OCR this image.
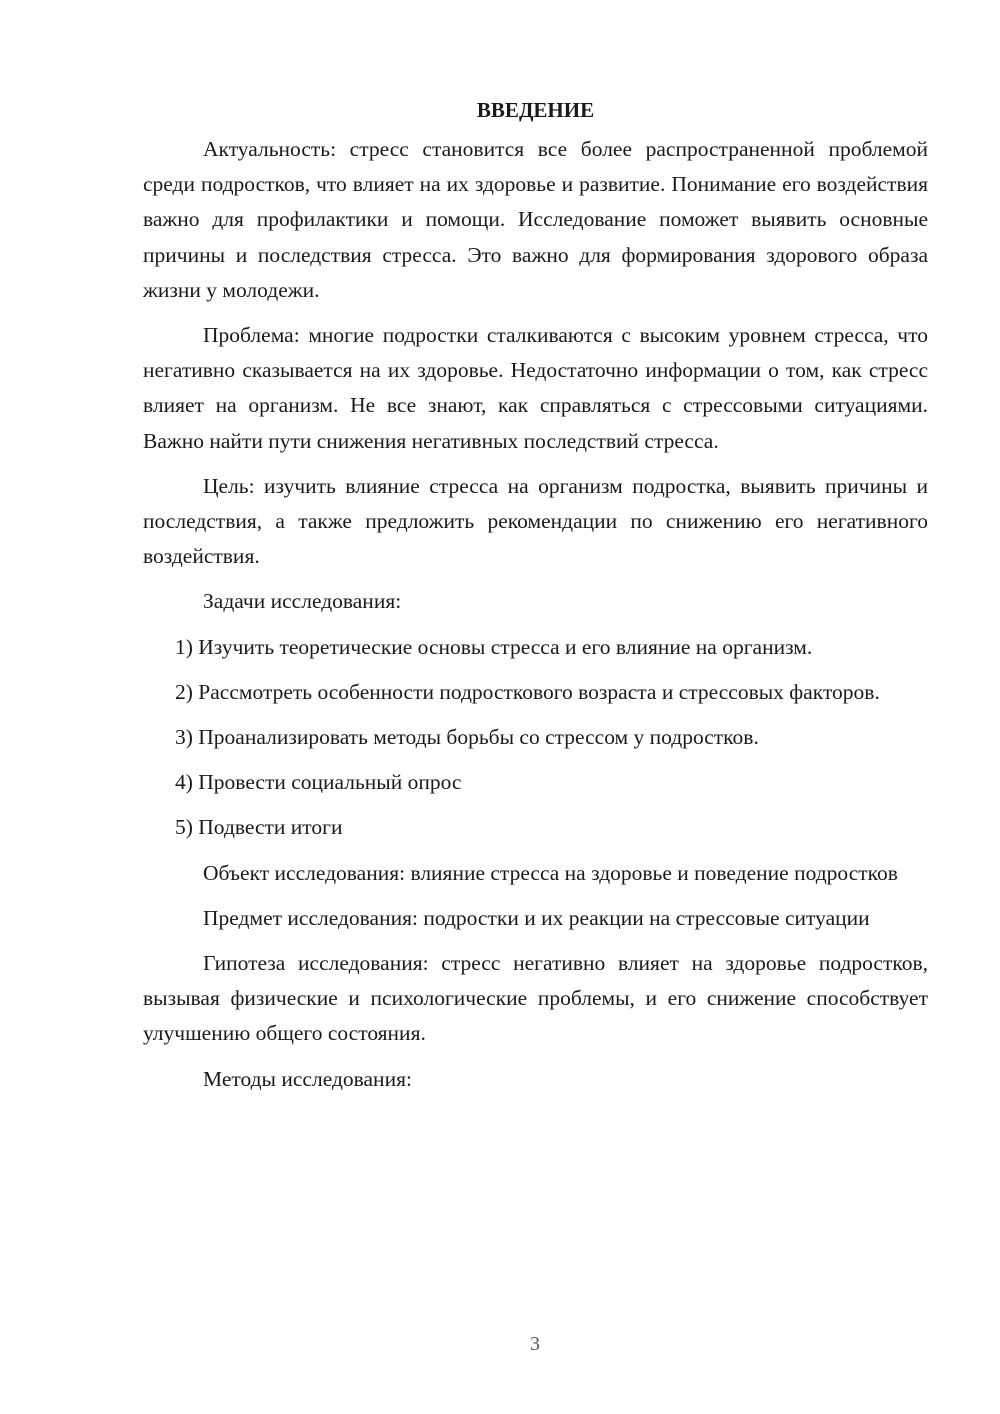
ВВЕДЕНИЕ

Актуальность: стресс становится все более распространенной проблемой среди подростков, что влияет на их здоровье и развитие. Понимание его воздействия важно для профилактики и помощи. Исследование поможет выявить основные причины и последствия стресса. Это важно для формирования здорового образа жизни у молодежи.

Проблема: многие подростки сталкиваются с высоким уровнем стресса, что негативно сказывается на их здоровье. Недостаточно информации о том, как стресс влияет на организм. Не все знают, как справляться с стрессовыми ситуациями. Важно найти пути снижения негативных последствий стресса.

Цель: изучить влияние стресса на организм подростка, выявить причины и последствия, а также предложить рекомендации по снижению его негативного воздействия.

Задачи исследования:

1) Изучить теоретические основы стресса и его влияние на организм.

2) Рассмотреть особенности подросткового возраста и стрессовых факторов.

3) Проанализировать методы борьбы со стрессом у подростков.

4) Провести социальный опрос

5) Подвести итоги

Объект исследования: влияние стресса на здоровье и поведение подростков

Предмет исследования: подростки и их реакции на стрессовые ситуации

Гипотеза исследования: стресс негативно влияет на здоровье подростков, вызывая физические и психологические проблемы, и его снижение способствует улучшению общего состояния.

Методы исследования:

3
